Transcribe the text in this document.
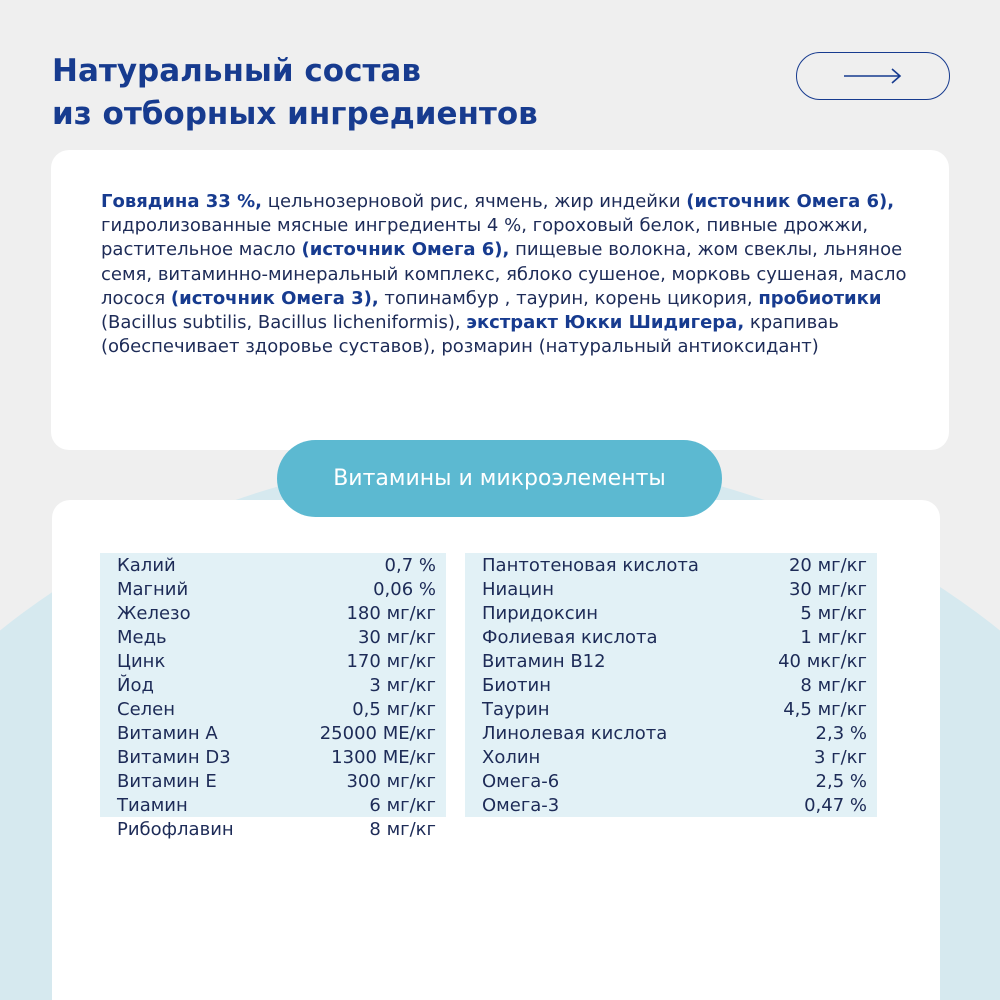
Натуральный состав
из отборных ингредиентов

Говядина 33 %, цельнозерновой рис, ячмень, жир индейки (источник Омега 6), гидролизованные мясные ингредиенты 4 %, гороховый белок, пивные дрожжи, растительное масло (источник Омега 6), пищевые волокна, жом свеклы, льняное семя, витаминно-минеральный комплекс, яблоко сушеное, морковь сушеная, масло лосося (источник Омега 3), топинамбур , таурин, корень цикория, пробиотики (Bacillus subtilis, Bacillus licheniformis), экстракт Юкки Шидигера, крапиваь (обеспечивает здоровье суставов), розмарин (натуральный антиоксидант)

Витамины и микроэлементы
Калий	0,7 %
Магний	0,06 %
Железо	180 мг/кг
Медь	30 мг/кг
Цинк	170 мг/кг
Йод	3 мг/кг
Селен	0,5 мг/кг
Витамин А	25000 МЕ/кг
Витамин D3	1300 МЕ/кг
Витамин Е	300 мг/кг
Тиамин	6 мг/кг
Рибофлавин	8 мг/кг
Пантотеновая кислота	20 мг/кг
Ниацин	30 мг/кг
Пиридоксин	5 мг/кг
Фолиевая кислота	1 мг/кг
Витамин В12	40 мкг/кг
Биотин	8 мг/кг
Таурин	4,5 мг/кг
Линолевая кислота	2,3 %
Холин	3 г/кг
Омега-6	2,5 %
Омега-3	0,47 %
